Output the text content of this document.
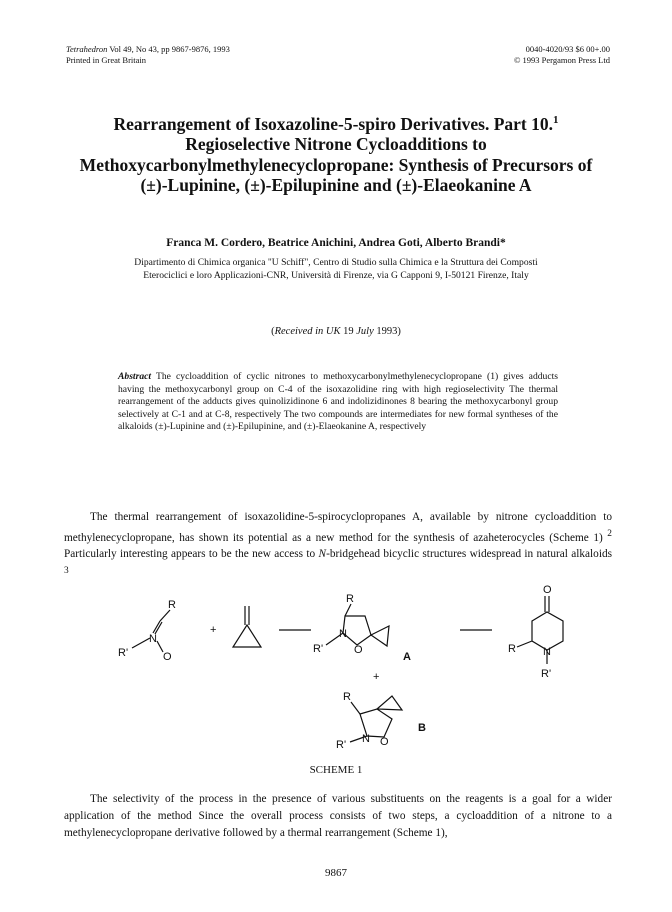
Tetrahedron Vol 49, No 43, pp 9867-9876, 1993
Printed in Great Britain
0040-4020/93 $6 00+.00
© 1993 Pergamon Press Ltd
Rearrangement of Isoxazoline-5-spiro Derivatives. Part 10.$^1$
Regioselective Nitrone Cycloadditions to
Methoxycarbonylmethylenecyclopropane: Synthesis of Precursors of
(±)-Lupinine, (±)-Epilupinine and (±)-Elaeokanine A
Franca M. Cordero, Beatrice Anichini, Andrea Goti, Alberto Brandi*
Dipartimento di Chimica organica "U Schiff", Centro di Studio sulla Chimica e la Struttura dei Composti
Eterociclici e loro Applicazioni-CNR, Università di Firenze, via G Capponi 9, I-50121 Firenze, Italy
(Received in UK 19 July 1993)
Abstract The cycloaddition of cyclic nitrones to methoxycarbonylmethylenecyclopropane (1) gives adducts having the methoxycarbonyl group on C-4 of the isoxazolidine ring with high regioselectivity The thermal rearrangement of the adducts gives quinolizidinone 6 and indolizidinones 8 bearing the methoxycarbonyl group selectively at C-1 and at C-8, respectively The two compounds are intermediates for new formal syntheses of the alkaloids (±)-Lupinine and (±)-Epilupinine, and (±)-Elaeokanine A, respectively
The thermal rearrangement of isoxazolidine-5-spirocyclopropanes A, available by nitrone cycloaddition to methylenecyclopropane, has shown its potential as a new method for the synthesis of azaheterocycles (Scheme 1) $^2$ Particularly interesting appears to be the new access to N-bridgehead bicyclic structures widespread in natural alkaloids $^3$
R
R'
N
O
+
R
R'
N
O
A
+
O
R N
R'
R
R' N O
B
SCHEME 1
The selectivity of the process in the presence of various substituents on the reagents is a goal for a wider application of the method Since the overall process consists of two steps, a cycloaddition of a nitrone to a methylenecyclopropane derivative followed by a thermal rearrangement (Scheme 1),
9867
